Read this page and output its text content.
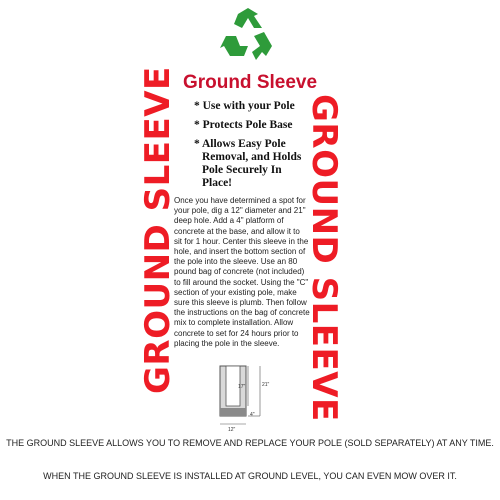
Ground Sleeve
GROUND SLEEVE	GROUND SLEEVE
* Use with your Pole
* Protects Pole Base
* Allows Easy Pole Removal, and Holds Pole Securely In Place!
Once you have determined a spot for your pole, dig a 12" diameter and 21" deep hole. Add a 4" platform of concrete at the base, and allow it to sit for 1 hour. Center this sleeve in the hole, and insert the bottom section of the pole into the sleeve. Use an 80 pound bag of concrete (not included) to fill around the socket. Using the "C" section of your existing pole, make sure this sleeve is plumb. Then follow the instructions on the bag of concrete mix to complete installation. Allow concrete to set for 24 hours prior to placing the pole in the sleeve.
17"	21"
4"
12"
THE GROUND SLEEVE ALLOWS YOU TO REMOVE AND REPLACE YOUR POLE (SOLD SEPARATELY) AT ANY TIME.
WHEN THE GROUND SLEEVE IS INSTALLED AT GROUND LEVEL, YOU CAN EVEN MOW OVER IT.
